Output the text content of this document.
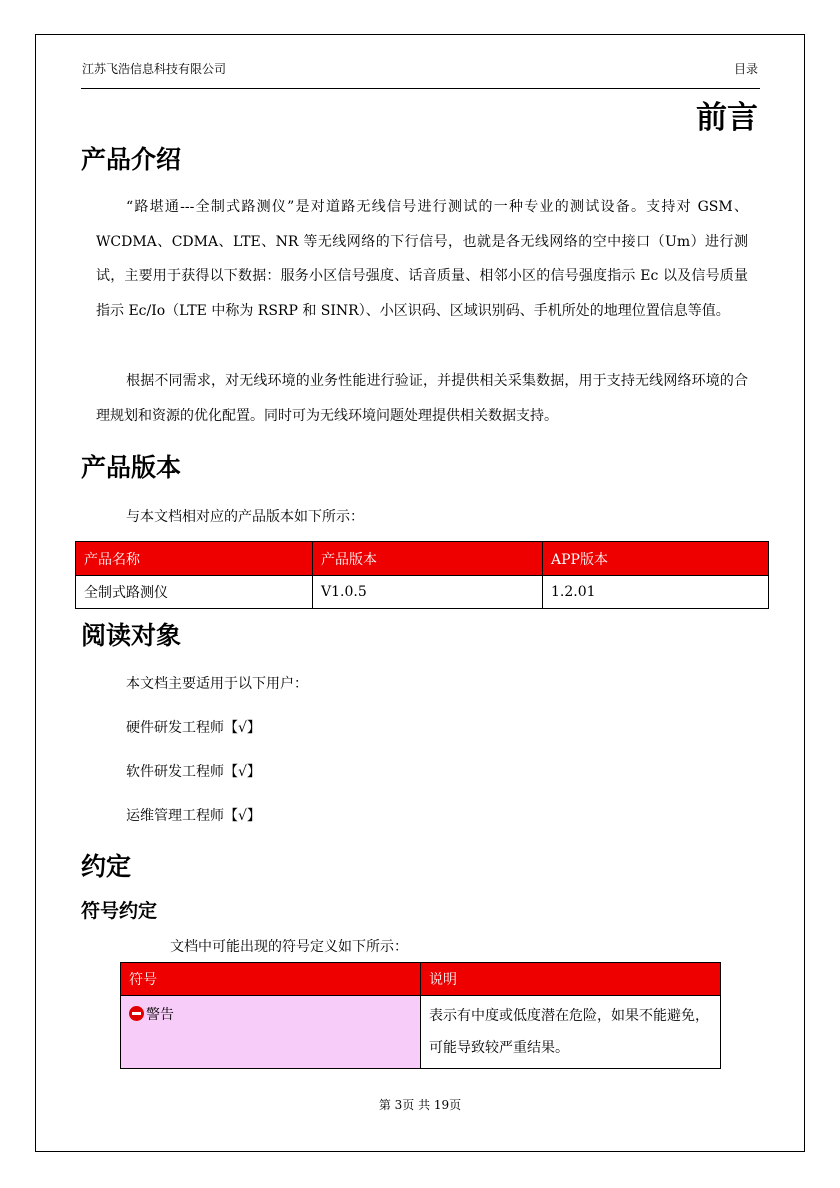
江苏飞浩信息科技有限公司	目录
前言
产品介绍
“路堪通---全制式路测仪”是对道路无线信号进行测试的一种专业的测试设备。支持对 GSM、WCDMA、CDMA、LTE、NR 等无线网络的下行信号，也就是各无线网络的空中接口（Um）进行测试，主要用于获得以下数据：服务小区信号强度、话音质量、相邻小区的信号强度指示 Ec 以及信号质量指示 Ec/Io（LTE 中称为 RSRP 和 SINR）、小区识码、区域识别码、手机所处的地理位置信息等值。
根据不同需求，对无线环境的业务性能进行验证，并提供相关采集数据，用于支持无线网络环境的合理规划和资源的优化配置。同时可为无线环境问题处理提供相关数据支持。
产品版本
与本文档相对应的产品版本如下所示：
产品名称	产品版本	APP版本
全制式路测仪	V1.0.5	1.2.01
阅读对象
本文档主要适用于以下用户：
硬件研发工程师【√】
软件研发工程师【√】
运维管理工程师【√】
约定
符号约定
文档中可能出现的符号定义如下所示：
符号	说明
警告	表示有中度或低度潜在危险，如果不能避免，可能导致较严重结果。
第 3页 共 19页
